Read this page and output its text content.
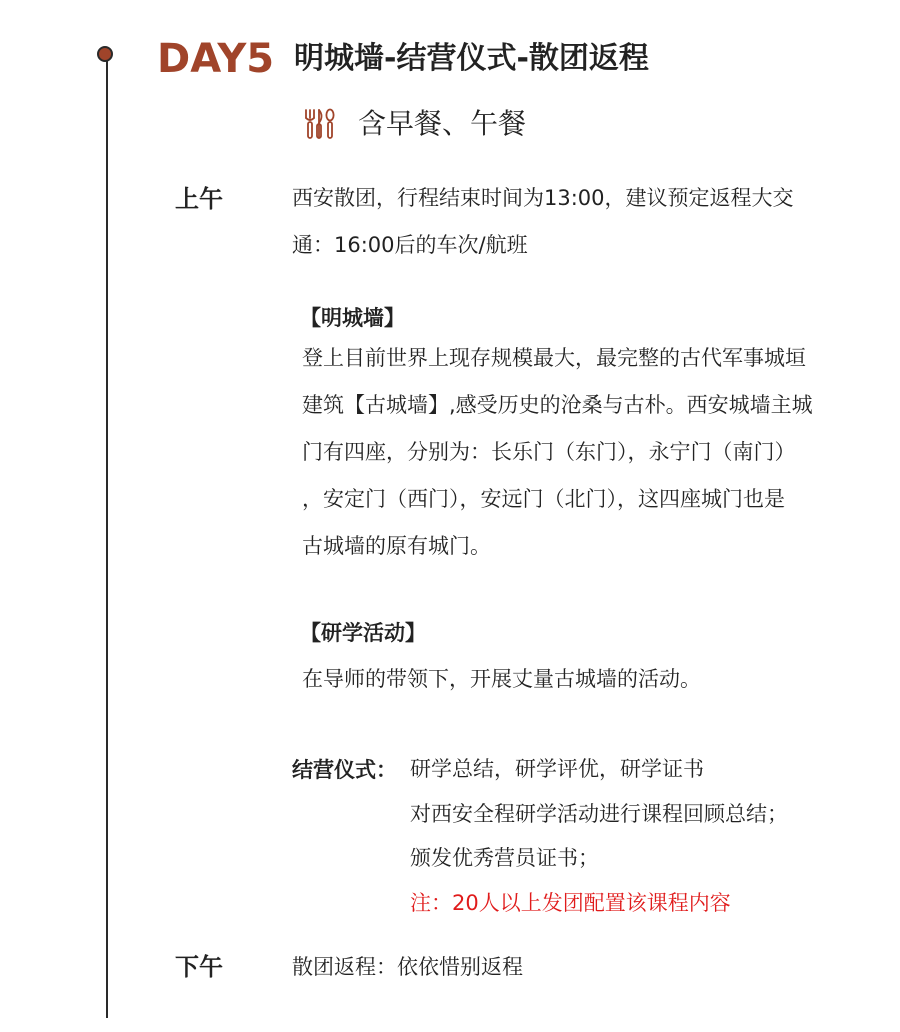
DAY5 明城墙-结营仪式-散团返程
含早餐、午餐
上午	西安散团，行程结束时间为13:00，建议预定返程大交

通：16:00后的车次/航班

【明城墙】

登上目前世界上现存规模最大，最完整的古代军事城垣

建筑【古城墙】,感受历史的沧桑与古朴。西安城墙主城

门有四座，分别为：长乐门（东门），永宁门（南门）

，安定门（西门），安远门（北门），这四座城门也是

古城墙的原有城门。

【研学活动】

在导师的带领下，开展丈量古城墙的活动。

结营仪式： 研学总结，研学评优，研学证书

对西安全程研学活动进行课程回顾总结；

颁发优秀营员证书；

注：20人以上发团配置该课程内容

下午	散团返程：依依惜别返程
